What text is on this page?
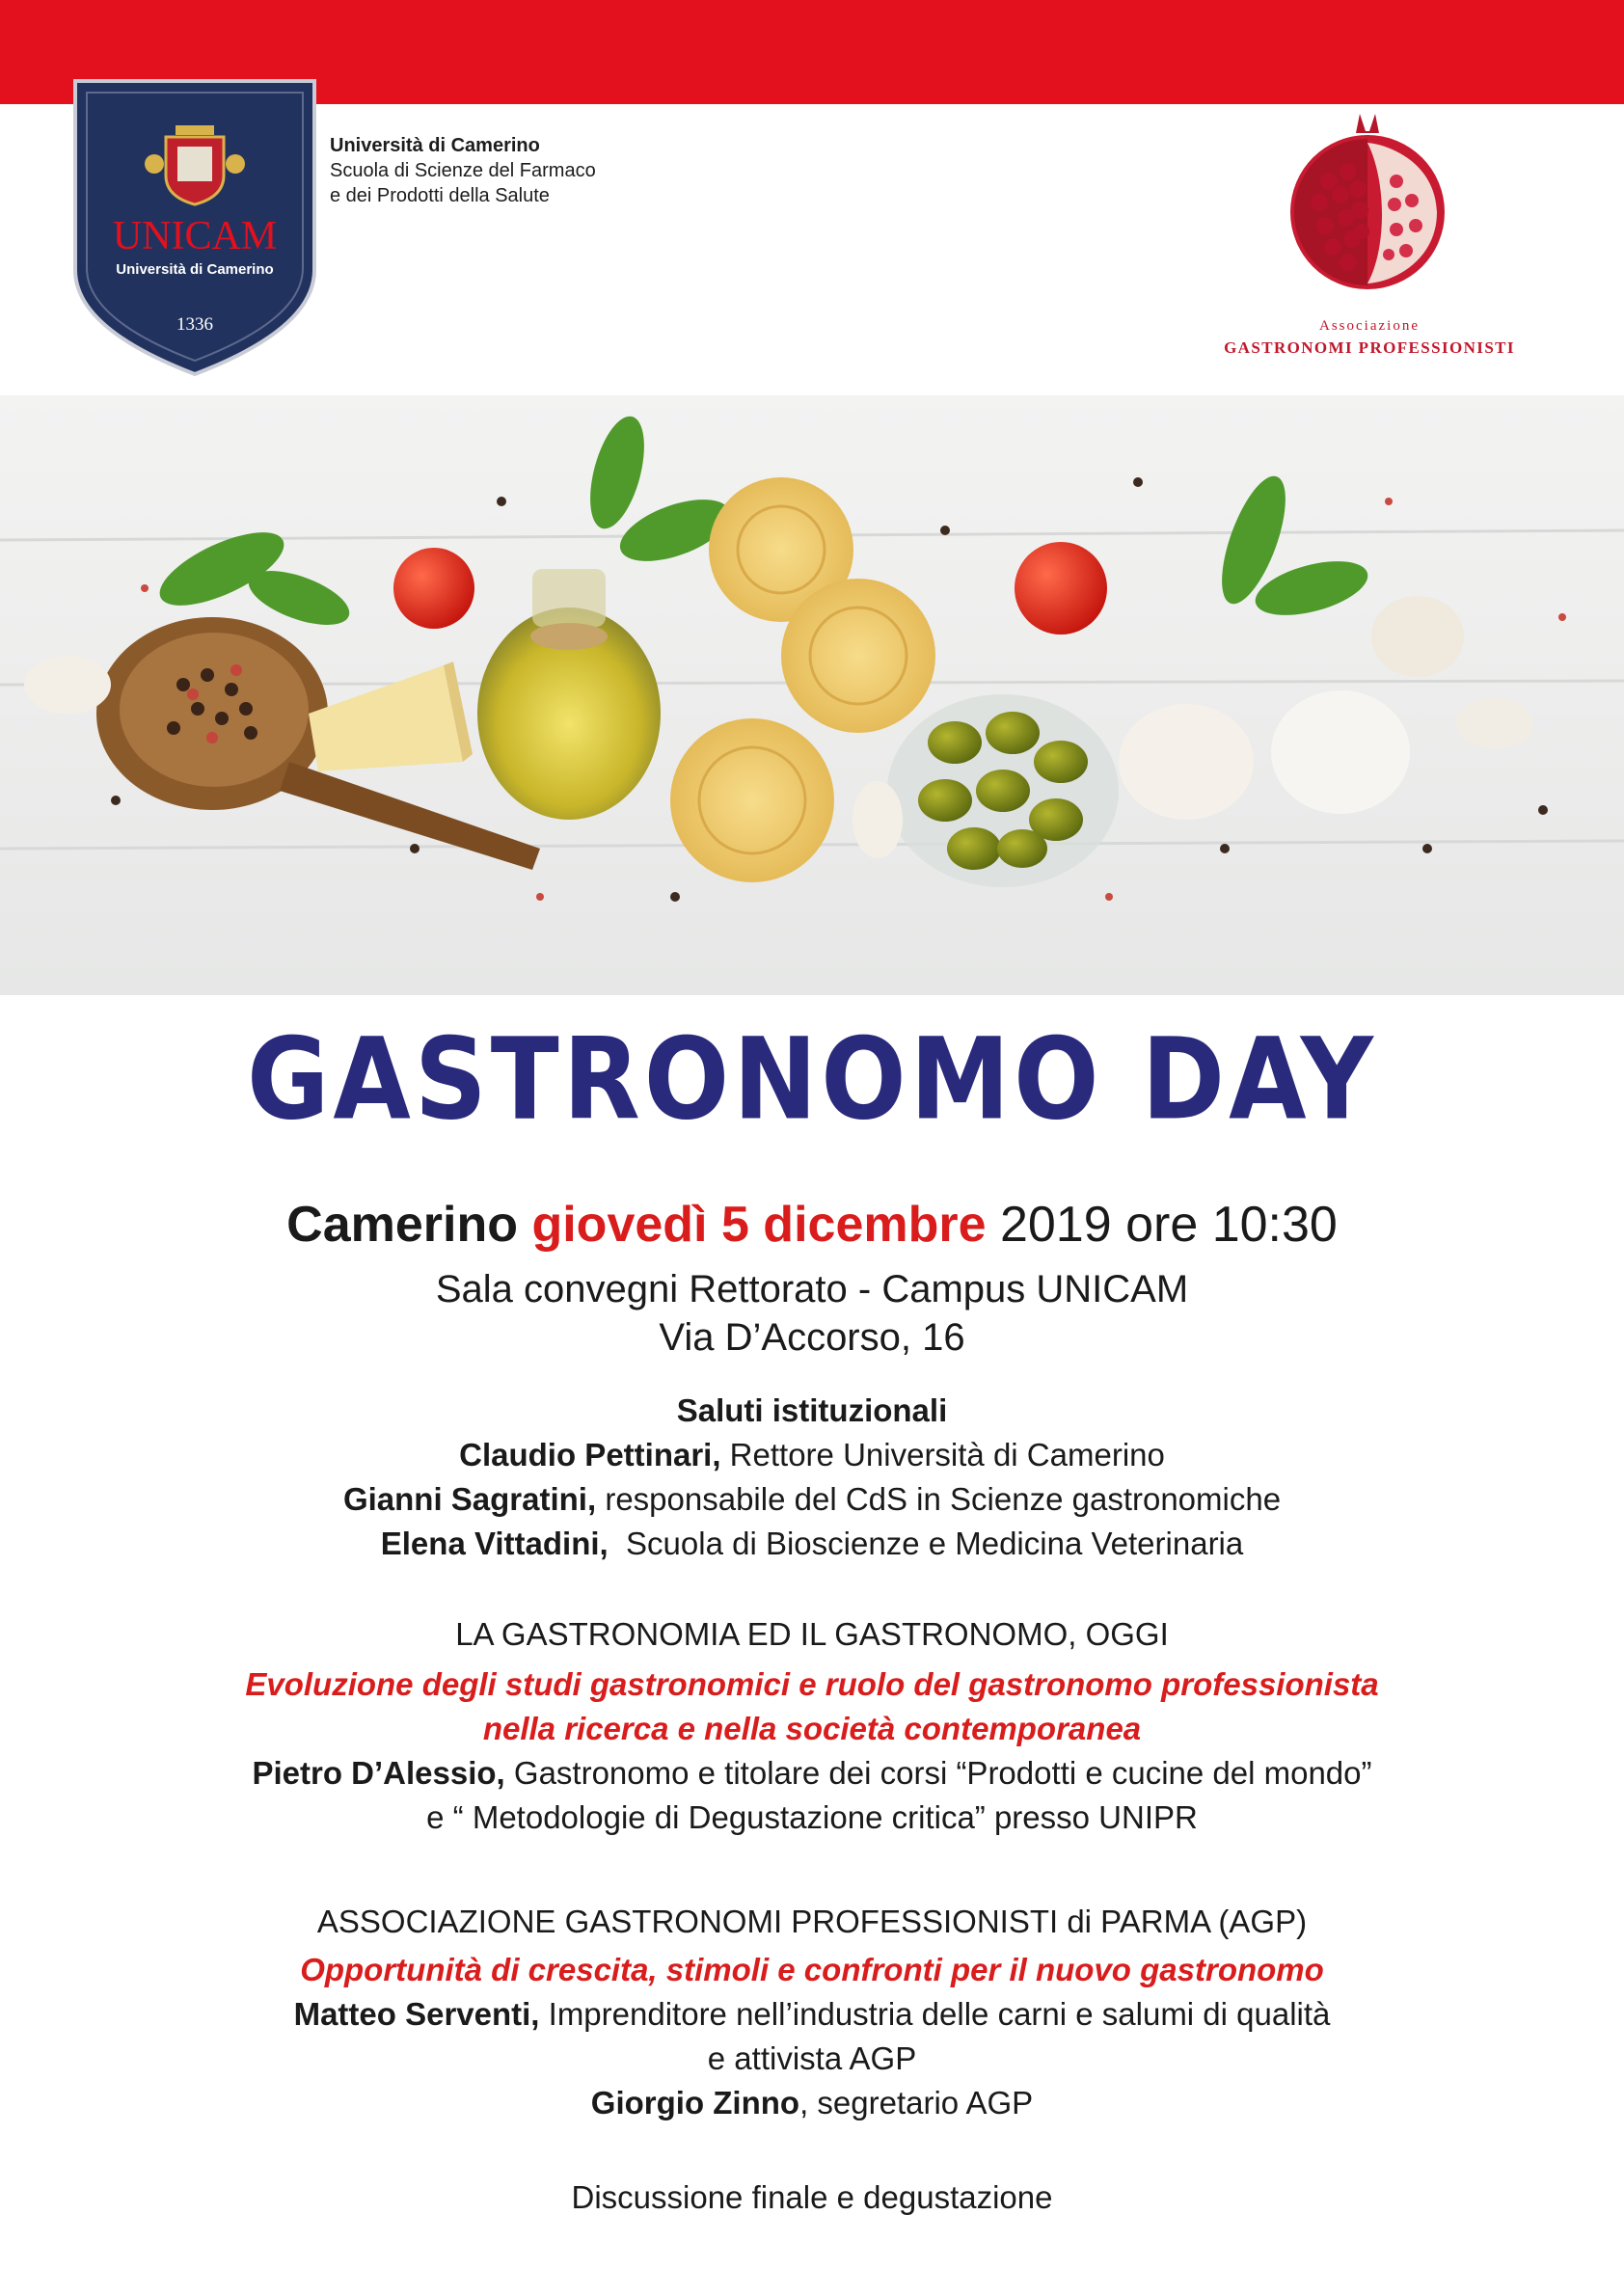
UNICAM
Università di Camerino
1336
Università di Camerino
Scuola di Scienze del Farmaco
e dei Prodotti della Salute
Associazione
GASTRONOMI PROFESSIONISTI
GASTRONOMO DAY
Camerino giovedì 5 dicembre 2019 ore 10:30
Sala convegni Rettorato - Campus UNICAM
Via D’Accorso, 16
Saluti istituzionali
Claudio Pettinari, Rettore Università di Camerino
Gianni Sagratini, responsabile del CdS in Scienze gastronomiche
Elena Vittadini,  Scuola di Bioscienze e Medicina Veterinaria
LA GASTRONOMIA ED IL GASTRONOMO, OGGI
Evoluzione degli studi gastronomici e ruolo del gastronomo professionista
nella ricerca e nella società contemporanea
Pietro D’Alessio, Gastronomo e titolare dei corsi “Prodotti e cucine del mondo”
e “ Metodologie di Degustazione critica” presso UNIPR
ASSOCIAZIONE GASTRONOMI PROFESSIONISTI di PARMA (AGP)
Opportunità di crescita, stimoli e confronti per il nuovo gastronomo
Matteo Serventi, Imprenditore nell’industria delle carni e salumi di qualità
e attivista AGP
Giorgio Zinno, segretario AGP
Discussione finale e degustazione
